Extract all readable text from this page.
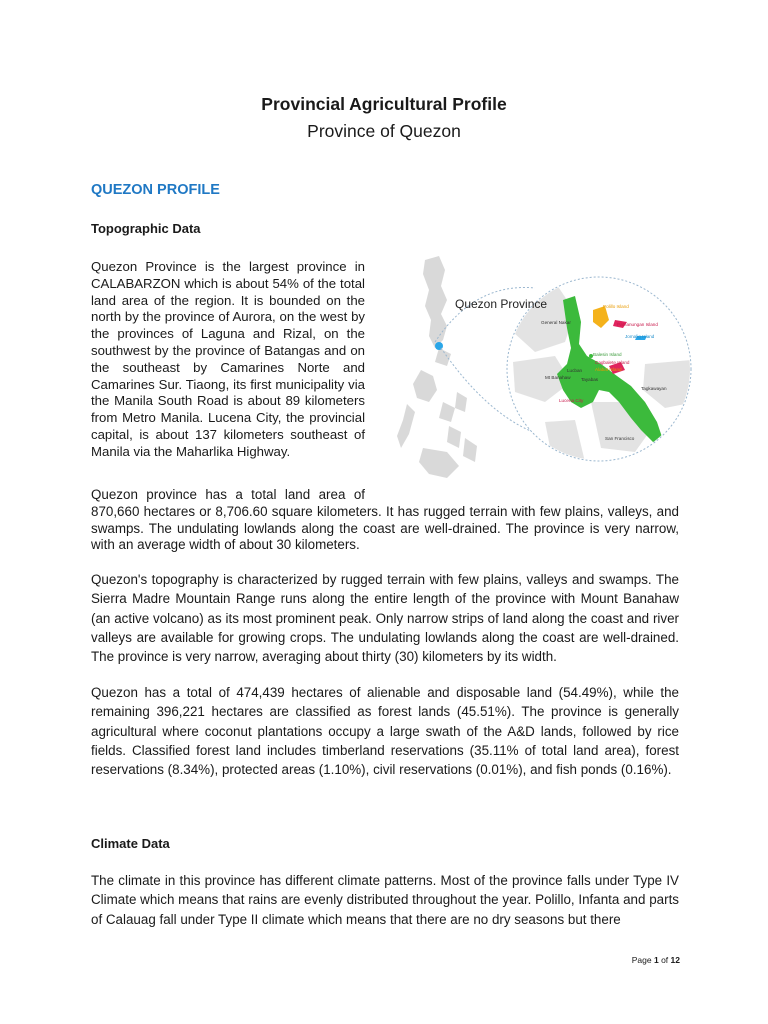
Provincial Agricultural Profile
Province of Quezon
QUEZON PROFILE
Topographic Data

Quezon Province is the largest province in CALABARZON which is about 54% of the total land area of the region. It is bounded on the north by the province of Aurora, on the west by the provinces of Laguna and Rizal, on the southwest by the province of Batangas and on the southeast by Camarines Norte and Camarines Sur. Tiaong, its first municipality via the Manila South Road is about 89 kilometers from Metro Manila. Lucena City, the provincial capital, is about 137 kilometers southeast of Manila via the Maharlika Highway.

Quezon Province
General Nakar
Polillo Island
Patnanungan Island
Jomalig Island
Balesin Island
Cagbalete Island
Alabat Island
Lucban
Mt Banahaw Tayabas
Lucena City
Tagkawayan
San Francisco

Quezon province has a total land area of
870,660 hectares or 8,706.60 square kilometers. It has rugged terrain with few plains, valleys, and swamps. The undulating lowlands along the coast are well-drained. The province is very narrow, with an average width of about 30 kilometers.

Quezon's topography is characterized by rugged terrain with few plains, valleys and swamps. The Sierra Madre Mountain Range runs along the entire length of the province with Mount Banahaw (an active volcano) as its most prominent peak. Only narrow strips of land along the coast and river valleys are available for growing crops. The undulating lowlands along the coast are well-drained. The province is very narrow, averaging about thirty (30) kilometers by its width.

Quezon has a total of 474,439 hectares of alienable and disposable land (54.49%), while the remaining 396,221 hectares are classified as forest lands (45.51%). The province is generally agricultural where coconut plantations occupy a large swath of the A&D lands, followed by rice fields. Classified forest land includes timberland reservations (35.11% of total land area), forest reservations (8.34%), protected areas (1.10%), civil reservations (0.01%), and fish ponds (0.16%).

Climate Data

The climate in this province has different climate patterns. Most of the province falls under Type IV Climate which means that rains are evenly distributed throughout the year. Polillo, Infanta and parts of Calauag fall under Type II climate which means that there are no dry seasons but there

Page 1 of 12
